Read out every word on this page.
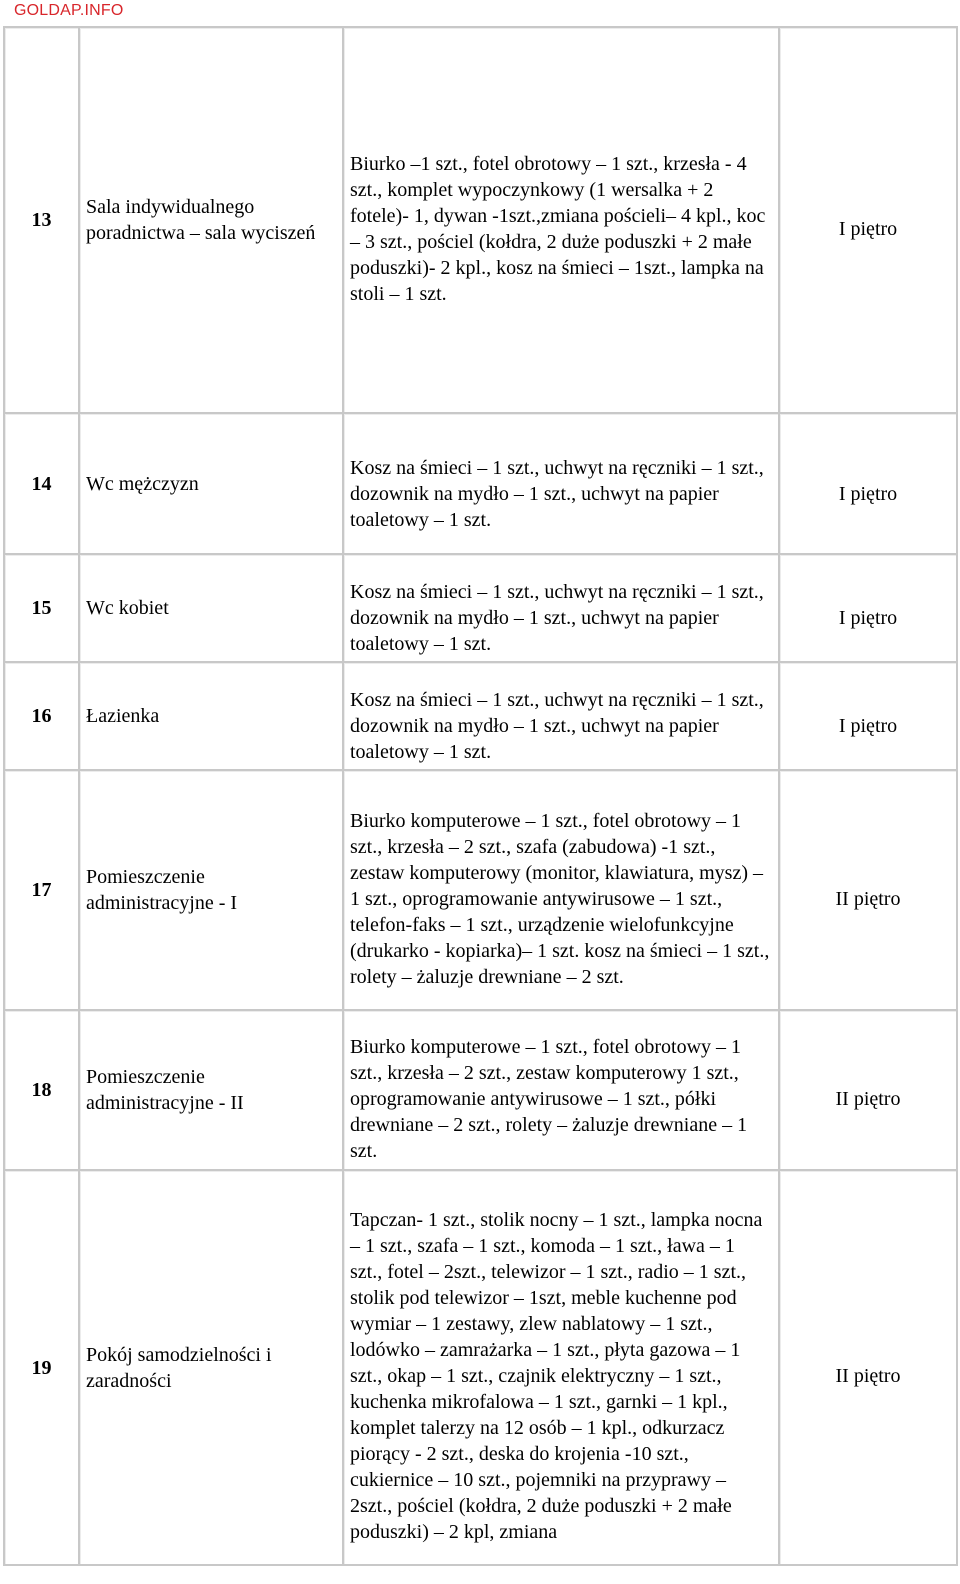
GOLDAP.INFO
13	Sala indywidualnego poradnictwa – sala wyciszeń	Biurko –1 szt., fotel obrotowy – 1 szt., krzesła - 4 szt., komplet wypoczynkowy (1 wersalka + 2 fotele)- 1, dywan -1szt.,zmiana pościeli– 4 kpl., koc – 3 szt., pościel (kołdra, 2 duże poduszki + 2 małe poduszki)- 2 kpl., kosz na śmieci – 1szt., lampka na stoli – 1 szt.	I piętro
14	Wc mężczyzn	Kosz na śmieci – 1 szt., uchwyt na ręczniki – 1 szt., dozownik na mydło – 1 szt., uchwyt na papier toaletowy – 1 szt.	I piętro
15	Wc kobiet	Kosz na śmieci – 1 szt., uchwyt na ręczniki – 1 szt., dozownik na mydło – 1 szt., uchwyt na papier toaletowy – 1 szt.	I piętro
16	Łazienka	Kosz na śmieci – 1 szt., uchwyt na ręczniki – 1 szt., dozownik na mydło – 1 szt., uchwyt na papier toaletowy – 1 szt.	I piętro
17	Pomieszczenie administracyjne - I	Biurko komputerowe – 1 szt., fotel obrotowy – 1 szt., krzesła – 2 szt., szafa (zabudowa) -1 szt., zestaw komputerowy (monitor, klawiatura, mysz) – 1 szt., oprogramowanie antywirusowe – 1 szt., telefon-faks – 1 szt., urządzenie wielofunkcyjne (drukarko - kopiarka)– 1 szt. kosz na śmieci – 1 szt., rolety – żaluzje drewniane – 2 szt.	II piętro
18	Pomieszczenie administracyjne - II	Biurko komputerowe – 1 szt., fotel obrotowy – 1 szt., krzesła – 2 szt., zestaw komputerowy 1 szt., oprogramowanie antywirusowe – 1 szt., półki drewniane – 2 szt., rolety – żaluzje drewniane – 1 szt.	II piętro
19	Pokój samodzielności i zaradności	Tapczan- 1 szt., stolik nocny – 1 szt., lampka nocna – 1 szt., szafa – 1 szt., komoda – 1 szt., ława – 1 szt., fotel – 2szt., telewizor – 1 szt., radio – 1 szt., stolik pod telewizor – 1szt, meble kuchenne pod wymiar – 1 zestawy, zlew nablatowy – 1 szt., lodówko – zamrażarka – 1 szt., płyta gazowa – 1 szt., okap – 1 szt., czajnik elektryczny – 1 szt., kuchenka mikrofalowa – 1 szt., garnki – 1 kpl., komplet talerzy na 12 osób – 1 kpl., odkurzacz piorący - 2 szt., deska do krojenia -10 szt., cukiernice – 10 szt., pojemniki na przyprawy – 2szt., pościel (kołdra, 2 duże poduszki + 2 małe poduszki) – 2 kpl, zmiana	II piętro
